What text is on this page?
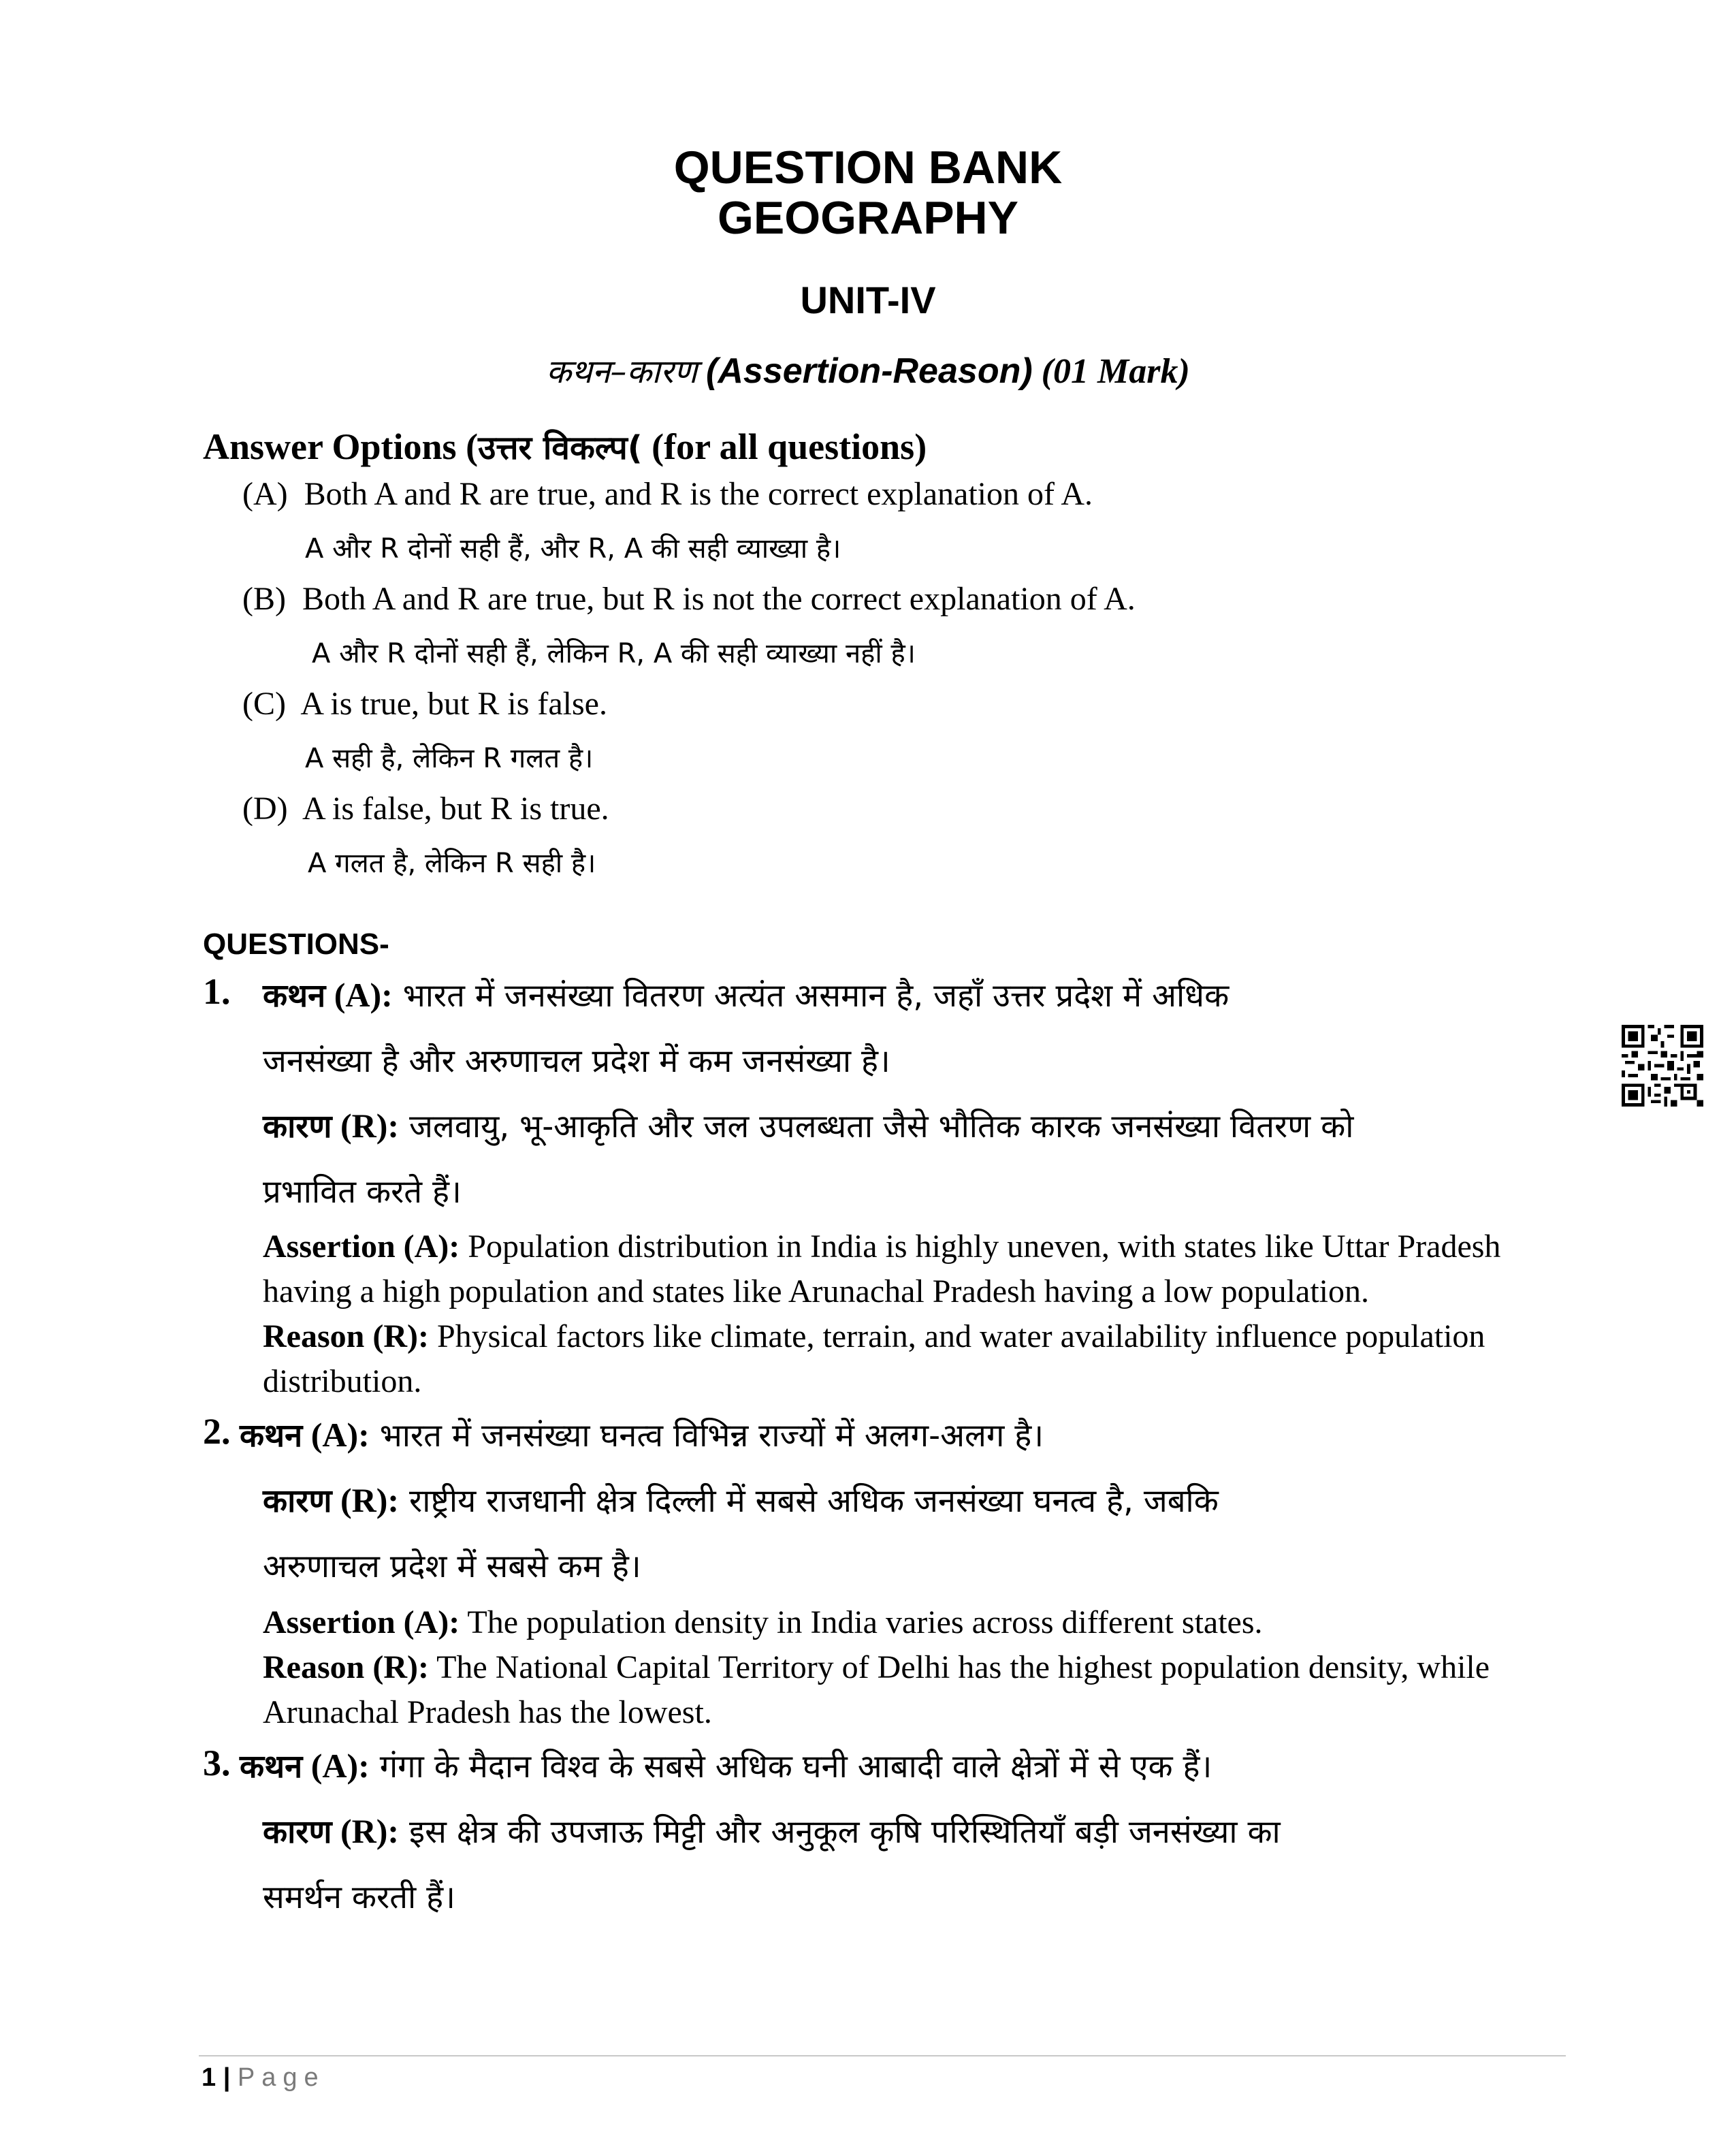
QUESTION BANK
GEOGRAPHY
UNIT-IV
कथन–कारण (Assertion-Reason) (01 Mark)
Answer Options (उत्तर विकल्प( (for all questions)
(A) Both A and R are true, and R is the correct explanation of A.
A और R दोनों सही हैं, और R, A की सही व्याख्या है।
(B) Both A and R are true, but R is not the correct explanation of A.
A और R दोनों सही हैं, लेकिन R, A की सही व्याख्या नहीं है।
(C) A is true, but R is false.
A सही है, लेकिन R गलत है।
(D) A is false, but R is true.
A गलत है, लेकिन R सही है।
QUESTIONS-
1. कथन (A): भारत में जनसंख्या वितरण अत्यंत असमान है, जहाँ उत्तर प्रदेश में अधिक
जनसंख्या है और अरुणाचल प्रदेश में कम जनसंख्या है।
कारण (R): जलवायु, भू-आकृति और जल उपलब्धता जैसे भौतिक कारक जनसंख्या वितरण को
प्रभावित करते हैं।
Assertion (A): Population distribution in India is highly uneven, with states like Uttar Pradesh having a high population and states like Arunachal Pradesh having a low population.
Reason (R): Physical factors like climate, terrain, and water availability influence population distribution.
2. कथन (A): भारत में जनसंख्या घनत्व विभिन्न राज्यों में अलग-अलग है।
कारण (R): राष्ट्रीय राजधानी क्षेत्र दिल्ली में सबसे अधिक जनसंख्या घनत्व है, जबकि
अरुणाचल प्रदेश में सबसे कम है।
Assertion (A): The population density in India varies across different states.
Reason (R): The National Capital Territory of Delhi has the highest population density, while Arunachal Pradesh has the lowest.
3. कथन (A): गंगा के मैदान विश्व के सबसे अधिक घनी आबादी वाले क्षेत्रों में से एक हैं।
कारण (R): इस क्षेत्र की उपजाऊ मिट्टी और अनुकूल कृषि परिस्थितियाँ बड़ी जनसंख्या का
समर्थन करती हैं।
1 | Page
